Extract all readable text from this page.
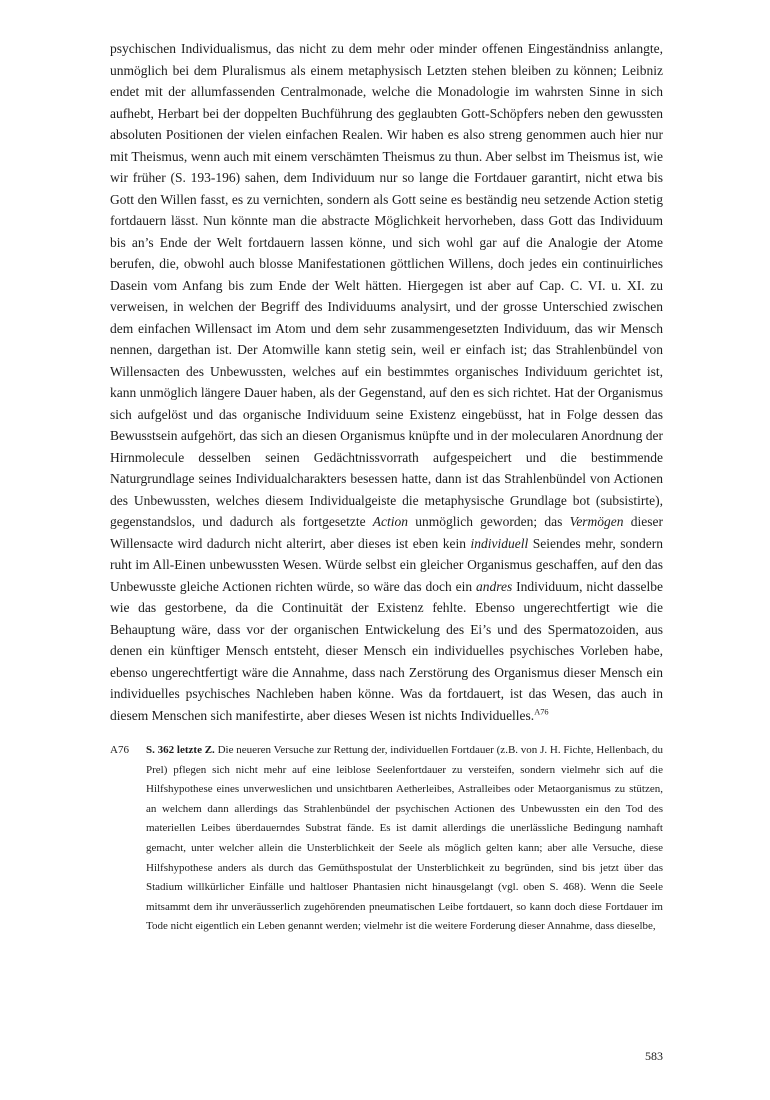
psychischen Individualismus, das nicht zu dem mehr oder minder offenen Eingeständniss anlangte, unmöglich bei dem Pluralismus als einem metaphysisch Letzten stehen bleiben zu können; Leibniz endet mit der allumfassenden Centralmonade, welche die Monadologie im wahrsten Sinne in sich aufhebt, Herbart bei der doppelten Buchführung des geglaubten Gott-Schöpfers neben den gewussten absoluten Positionen der vielen einfachen Realen. Wir haben es also streng genommen auch hier nur mit Theismus, wenn auch mit einem verschämten Theismus zu thun. Aber selbst im Theismus ist, wie wir früher (S. 193-196) sahen, dem Individuum nur so lange die Fortdauer garantirt, nicht etwa bis Gott den Willen fasst, es zu vernichten, sondern als Gott seine es beständig neu setzende Action stetig fortdauern lässt. Nun könnte man die abstracte Möglichkeit hervorheben, dass Gott das Individuum bis an’s Ende der Welt fortdauern lassen könne, und sich wohl gar auf die Analogie der Atome berufen, die, obwohl auch blosse Manifestationen göttlichen Willens, doch jedes ein continuirliches Dasein vom Anfang bis zum Ende der Welt hätten. Hiergegen ist aber auf Cap. C. VI. u. XI. zu verweisen, in welchen der Begriff des Individuums analysirt, und der grosse Unterschied zwischen dem einfachen Willensact im Atom und dem sehr zusammengesetzten Individuum, das wir Mensch nennen, dargethan ist. Der Atomwille kann stetig sein, weil er einfach ist; das Strahlenbündel von Willensacten des Unbewussten, welches auf ein bestimmtes organisches Individuum gerichtet ist, kann unmöglich längere Dauer haben, als der Gegenstand, auf den es sich richtet. Hat der Organismus sich aufgelöst und das organische Individuum seine Existenz eingebüsst, hat in Folge dessen das Bewusstsein aufgehört, das sich an diesen Organismus knüpfte und in der molecularen Anordnung der Hirnmolecule desselben seinen Gedächtnissvorrath aufgespeichert und die bestimmende Naturgrundlage seines Individualcharakters besessen hatte, dann ist das Strahlenbündel von Actionen des Unbewussten, welches diesem Individualgeiste die metaphysische Grundlage bot (subsistirte), gegenstandslos, und dadurch als fortgesetzte Action unmöglich geworden; das Vermögen dieser Willensacte wird dadurch nicht alterirt, aber dieses ist eben kein individuell Seiendes mehr, sondern ruht im All-Einen unbewussten Wesen. Würde selbst ein gleicher Organismus geschaffen, auf den das Unbewusste gleiche Actionen richten würde, so wäre das doch ein andres Individuum, nicht dasselbe wie das gestorbene, da die Continuität der Existenz fehlte. Ebenso ungerechtfertigt wie die Behauptung wäre, dass vor der organischen Entwickelung des Ei’s und des Spermatozoiden, aus denen ein künftiger Mensch entsteht, dieser Mensch ein individuelles psychisches Vorleben habe, ebenso ungerechtfertigt wäre die Annahme, dass nach Zerstörung des Organismus dieser Mensch ein individuelles psychisches Nachleben haben könne. Was da fortdauert, ist das Wesen, das auch in diesem Menschen sich manifestirte, aber dieses Wesen ist nichts Individuelles.$^{A76}$

A76	S. 362 letzte Z. Die neueren Versuche zur Rettung der, individuellen Fortdauer (z.B. von J. H. Fichte, Hellenbach, du Prel) pflegen sich nicht mehr auf eine leiblose Seelenfortdauer zu versteifen, sondern vielmehr sich auf die Hilfshypothese eines unverweslichen und unsichtbaren Aetherleibes, Astralleibes oder Metaorganismus zu stützen, an welchem dann allerdings das Strahlenbündel der psychischen Actionen des Unbewussten ein den Tod des materiellen Leibes überdauerndes Substrat fände. Es ist damit allerdings die unerlässliche Bedingung namhaft gemacht, unter welcher allein die Unsterblichkeit der Seele als möglich gelten kann; aber alle Versuche, diese Hilfshypothese anders als durch das Gemüthspostulat der Unsterblichkeit zu begründen, sind bis jetzt über das Stadium willkürlicher Einfälle und haltloser Phantasien nicht hinausgelangt (vgl. oben S. 468). Wenn die Seele mitsammt dem ihr unveräusserlich zugehörenden pneumatischen Leibe fortdauert, so kann doch diese Fortdauer im Tode nicht eigentlich ein Leben genannt werden; vielmehr ist die weitere Forderung dieser Annahme, dass dieselbe,
583
